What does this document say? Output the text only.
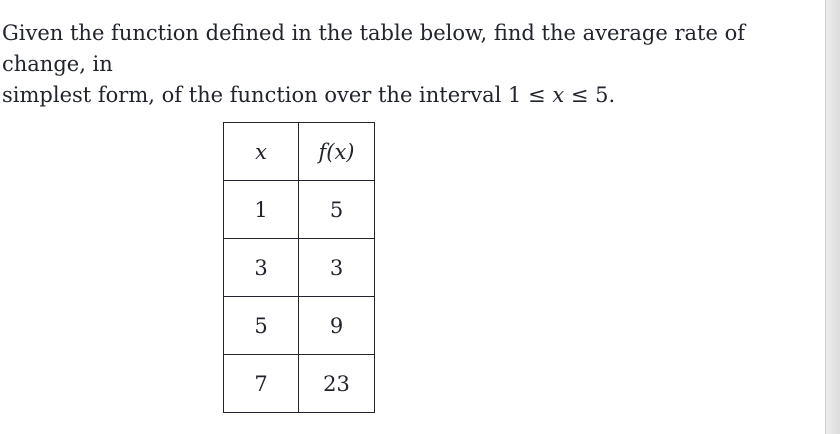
Given the function defined in the table below, find the average rate of change, in
simplest form, of the function over the interval 1 ≤ x ≤ 5.
x	f(x)
1	5
3	3
5	9
7	23
